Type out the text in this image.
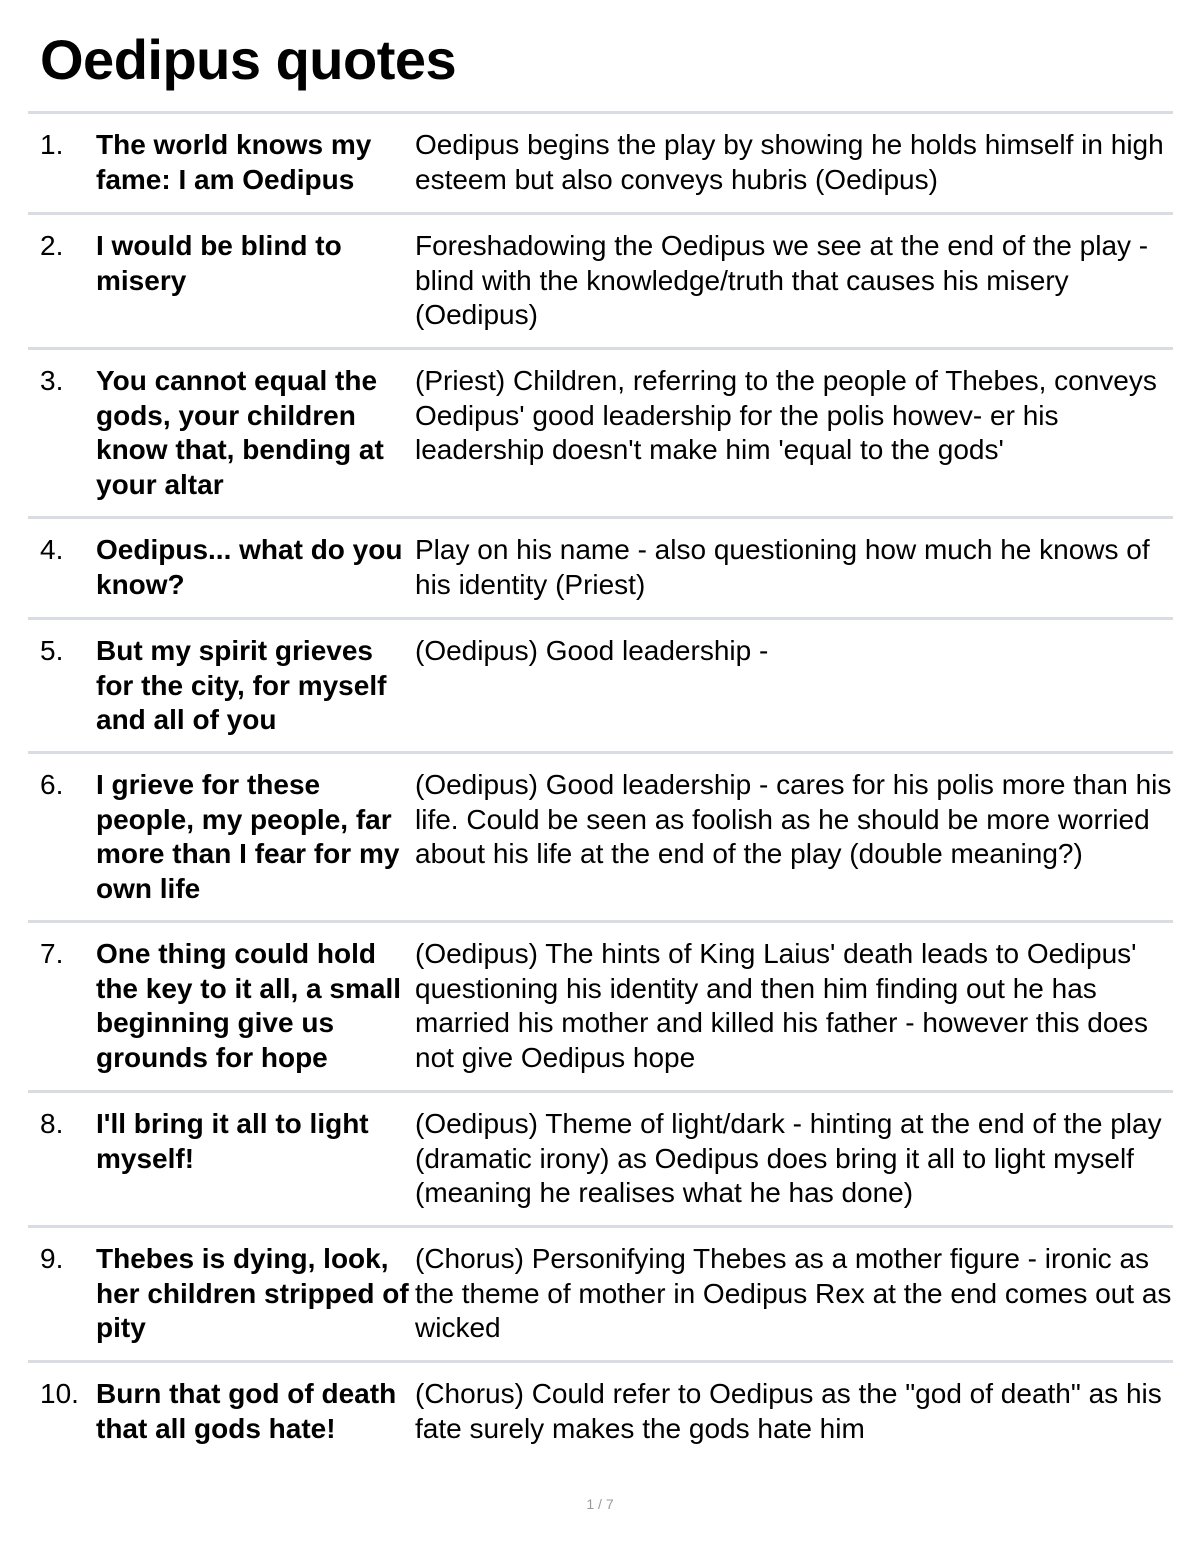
Oedipus quotes
1. The world knows my fame: I am Oedipus
Oedipus begins the play by showing he holds himself in high esteem but also conveys hubris (Oedipus)
2. I would be blind to misery
Foreshadowing the Oedipus we see at the end of the play - blind with the knowledge/truth that causes his misery (Oedipus)
3. You cannot equal the gods, your children know that, bending at your altar
(Priest) Children, referring to the people of Thebes, conveys Oedipus' good leadership for the polis howev- er his leadership doesn't make him 'equal to the gods'
4. Oedipus... what do you know?
Play on his name - also questioning how much he knows of his identity (Priest)
5. But my spirit grieves for the city, for myself and all of you
(Oedipus) Good leadership -
6. I grieve for these people, my people, far more than I fear for my own life
(Oedipus) Good leadership - cares for his polis more than his life. Could be seen as foolish as he should be more worried about his life at the end of the play (double meaning?)
7. One thing could hold the key to it all, a small beginning give us grounds for hope
(Oedipus) The hints of King Laius' death leads to Oedipus' questioning his identity and then him finding out he has married his mother and killed his father - however this does not give Oedipus hope
8. I'll bring it all to light myself!
(Oedipus) Theme of light/dark - hinting at the end of the play (dramatic irony) as Oedipus does bring it all to light myself (meaning he realises what he has done)
9. Thebes is dying, look, her children stripped of pity
(Chorus) Personifying Thebes as a mother figure - ironic as the theme of mother in Oedipus Rex at the end comes out as wicked
10. Burn that god of death that all gods hate!
(Chorus) Could refer to Oedipus as the "god of death" as his fate surely makes the gods hate him
1 / 7
